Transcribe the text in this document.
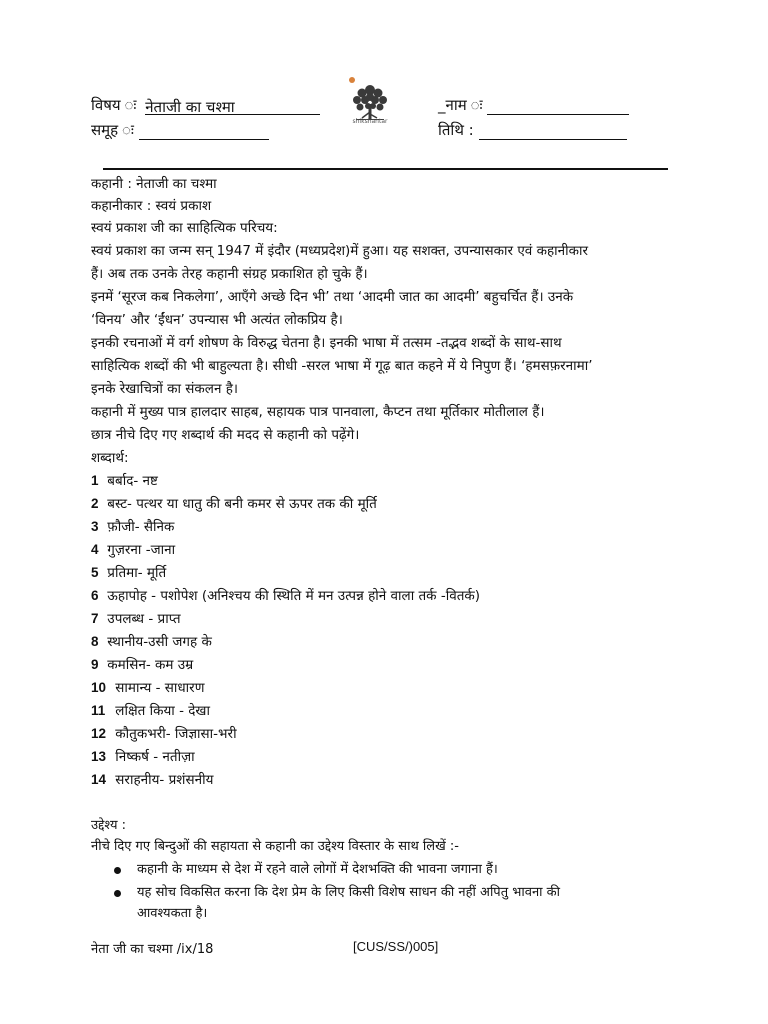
विषय ः नेताजी का चश्मा
समूह ः	shikshantar
_नाम ः
तिथि :
कहानी : नेताजी का चश्मा
कहानीकार : स्वयं प्रकाश
स्वयं प्रकाश जी का साहित्यिक परिचय:
स्वयं प्रकाश का जन्म सन् 1947 में इंदौर (मध्यप्रदेश)में हुआ। यह सशक्त, उपन्यासकार एवं कहानीकार
हैं। अब तक उनके तेरह कहानी संग्रह प्रकाशित हो चुके हैं।
इनमें ‘सूरज कब निकलेगा’, आएँगे अच्छे दिन भी’ तथा ‘आदमी जात का आदमी’ बहुचर्चित हैं। उनके
‘विनय’ और ‘ईंधन’ उपन्यास भी अत्यंत लोकप्रिय है।
इनकी रचनाओं में वर्ग शोषण के विरुद्ध चेतना है। इनकी भाषा में तत्सम -तद्भव शब्दों के साथ-साथ
साहित्यिक शब्दों की भी बाहुल्यता है। सीधी -सरल भाषा में गूढ़ बात कहने में ये निपुण हैं। ‘हमसफ़रनामा’
इनके रेखाचित्रों का संकलन है।
कहानी में मुख्य पात्र हालदार साहब, सहायक पात्र पानवाला, कैप्टन तथा मूर्तिकार मोतीलाल हैं।
छात्र नीचे दिए गए शब्दार्थ की मदद से कहानी को पढ़ेंगे।
शब्दार्थ:
1 बर्बाद- नष्ट
2 बस्ट- पत्थर या धातु की बनी कमर से ऊपर तक की मूर्ति
3 फ़ौजी- सैनिक
4 गुज़रना -जाना
5 प्रतिमा- मूर्ति
6 ऊहापोह - पशोपेश (अनिश्चय की स्थिति में मन उत्पन्न होने वाला तर्क -वितर्क)
7 उपलब्ध - प्राप्त
8 स्थानीय-उसी जगह के
9 कमसिन- कम उम्र
10 सामान्य - साधारण
11 लक्षित किया - देखा
12 कौतुकभरी- जिज्ञासा-भरी
13 निष्कर्ष - नतीज़ा
14 सराहनीय- प्रशंसनीय
उद्देश्य :
नीचे दिए गए बिन्दुओं की सहायता से कहानी का उद्देश्य विस्तार के साथ लिखें :-
कहानी के माध्यम से देश में रहने वाले लोगों में देशभक्ति की भावना जगाना हैं।
यह सोच विकसित करना कि देश प्रेम के लिए किसी विशेष साधन की नहीं अपितु भावना की
आवश्यकता है।
नेता जी का चश्मा /ix/18	[CUS/SS/)005]
